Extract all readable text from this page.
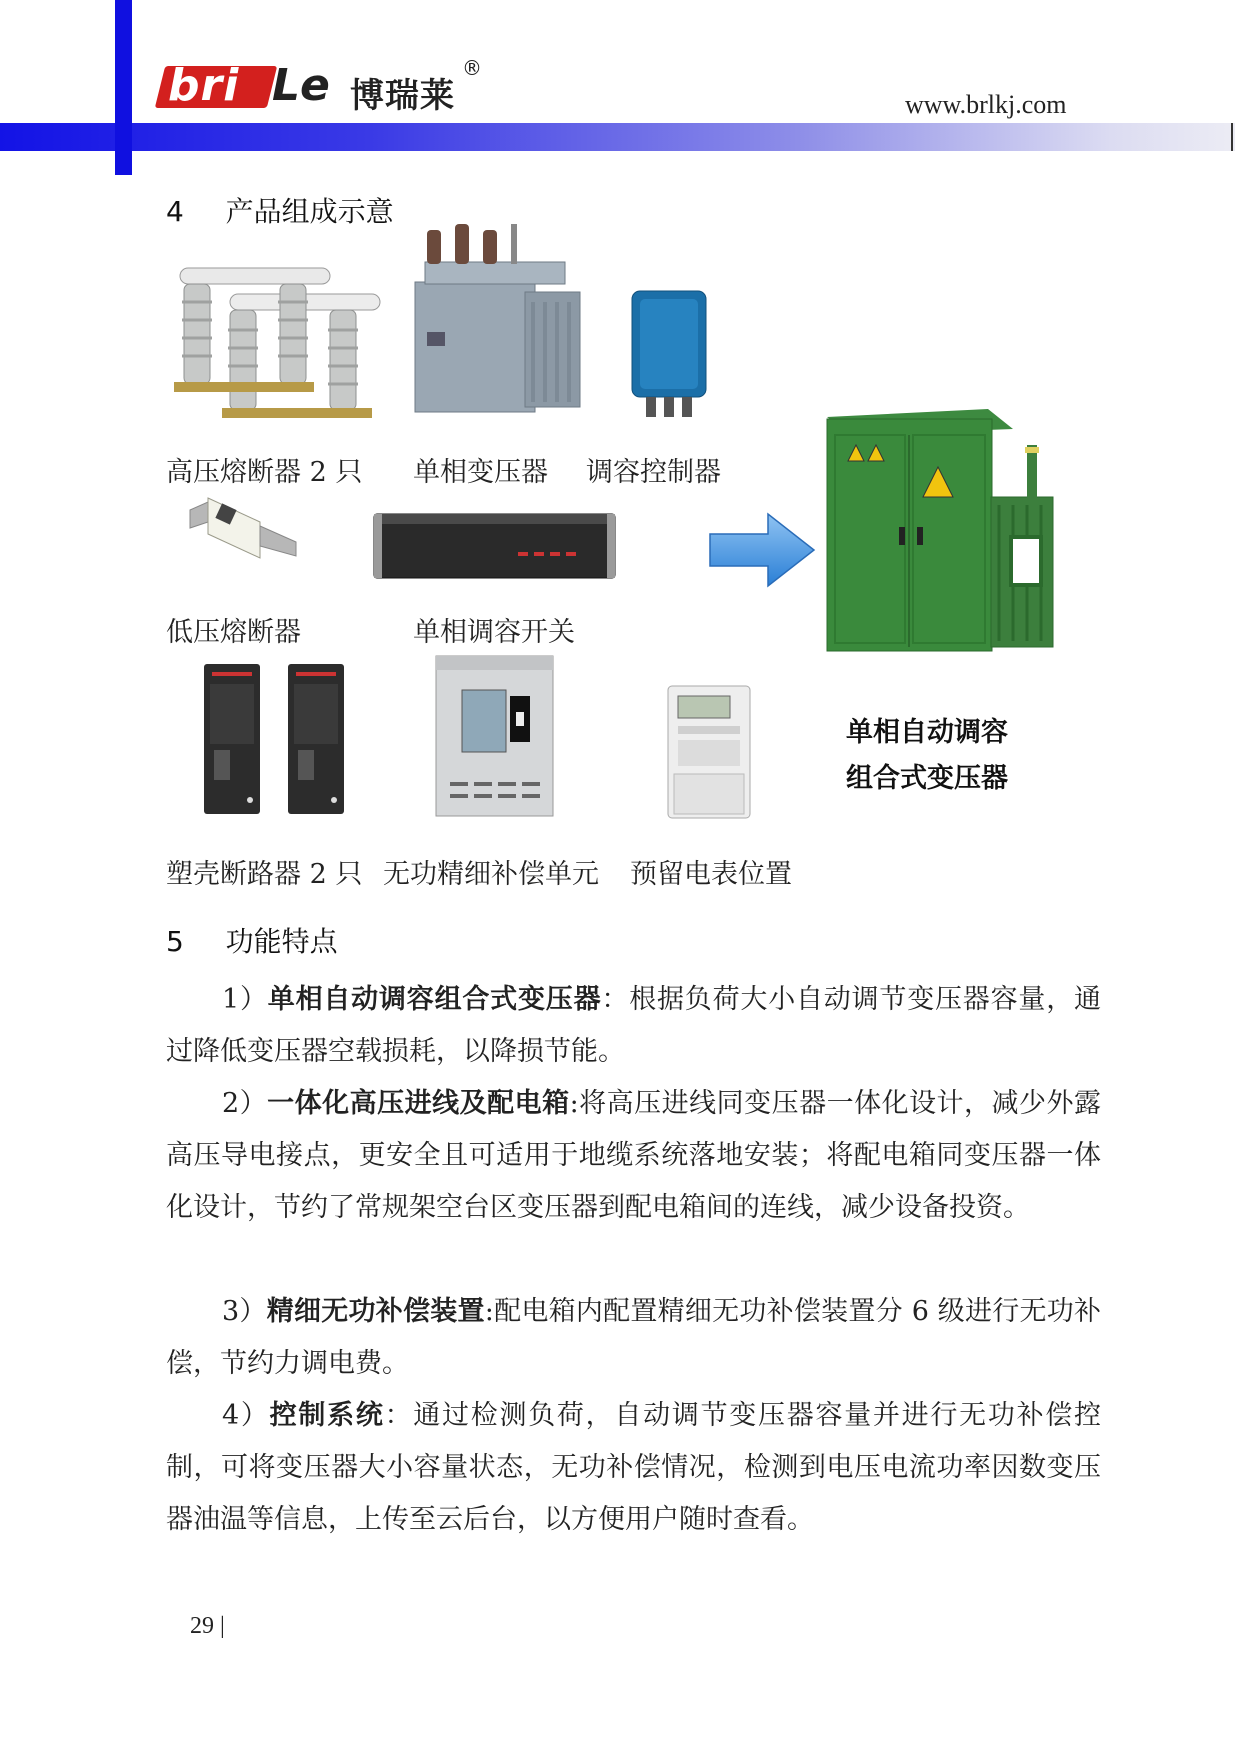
bri Le 博瑞莱
®
www.brlkj.com
4 产品组成示意
高压熔断器 2 只 单相变压器 调容控制器
低压熔断器	单相调容开关
单相自动调容
组合式变压器
塑壳断路器 2 只 无功精细补偿单元 预留电表位置
5 功能特点

1）单相自动调容组合式变压器：根据负荷大小自动调节变压器容量，通过降低变压器空载损耗，以降损节能。

2）一体化高压进线及配电箱:将高压进线同变压器一体化设计，减少外露高压导电接点，更安全且可适用于地缆系统落地安装；将配电箱同变压器一体化设计，节约了常规架空台区变压器到配电箱间的连线，减少设备投资。

3）精细无功补偿装置:配电箱内配置精细无功补偿装置分 6 级进行无功补偿，节约力调电费。

4）控制系统：通过检测负荷，自动调节变压器容量并进行无功补偿控制，可将变压器大小容量状态，无功补偿情况，检测到电压电流功率因数变压器油温等信息，上传至云后台，以方便用户随时查看。

29 |
